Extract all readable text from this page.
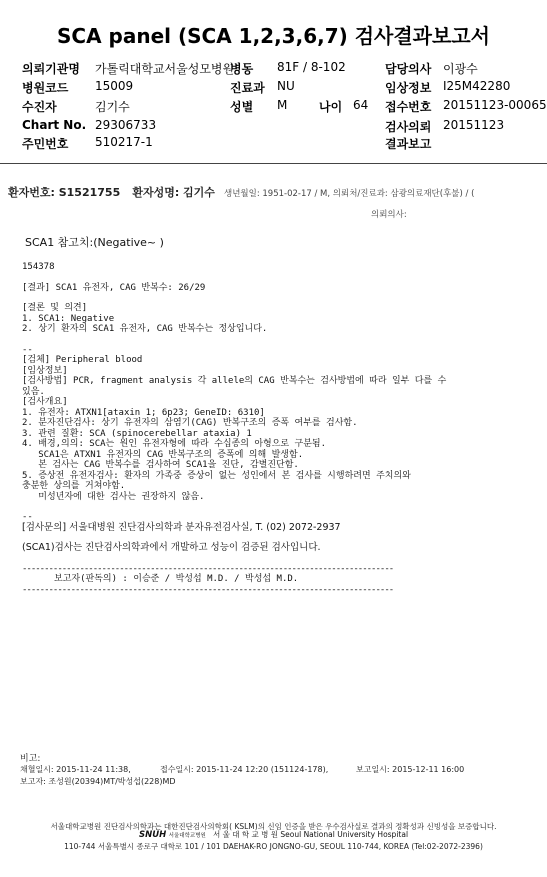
SCA panel (SCA 1,2,3,6,7) 검사결과보고서
의뢰기관명 가톨릭대학교서울성모병원
병동 81F / 8-102	담당의사 이광수
병원코드 15009	진료과 NU	임상정보 I25M42280
수진자	김기수	성별 M	나이 64 접수번호 20151123-00065
Chart No. 29306733	검사의뢰 20151123
주민번호 510217-1	결과보고
환자번호: S1521755 환자성명: 김기수 생년월일: 1951-02-17 / M, 의뢰처/진료과: 삼광의료재단(후불) / (
의뢰의사:
SCA1 참고치:(Negative~ )
154378
[결과] SCA1 유전자, CAG 반복수: 26/29
[결론 및 의견]
1. SCA1: Negative
2. 상기 환자의 SCA1 유전자, CAG 반복수는 정상입니다.
--
[검체] Peripheral blood
[임상정보]
[검사방법] PCR, fragment analysis 각 allele의 CAG 반복수는 검사방법에 따라 일부 다를 수
있음.
[검사개요]
1. 유전자: ATXN1[ataxin 1; 6p23; GeneID: 6310]
2. 분자진단검사: 상기 유전자의 삼염기(CAG) 반복구조의 증폭 여부를 검사함.
3. 관련 질환: SCA (spinocerebellar ataxia) 1
4. 배경,의의: SCA는 원인 유전자형에 따라 수십종의 아형으로 구분됨.
SCA1은 ATXN1 유전자의 CAG 반복구조의 증폭에 의해 발생함.
본 검사는 CAG 반복수를 검사하여 SCA1을 진단, 감별진단함.
5. 증상전 유전자검사: 환자의 가족중 증상이 없는 성인에서 본 검사를 시행하려면 주치의와
충분한 상의를 거쳐야함.
미성년자에 대한 검사는 권장하지 않음.
--
[검사문의] 서울대병원 진단검사의학과 분자유전검사실, T. (02) 2072-2937
(SCA1)검사는 진단검사의학과에서 개발하고 성능이 검증된 검사입니다.
------------------------------------------------------------------------------------
보고자(판독의) : 이승준 / 박성섭 M.D. / 박성섭 M.D.
------------------------------------------------------------------------------------
비고:
채혈일시: 2015-11-24 11:38,	접수일시: 2015-11-24 12:20 (151124-178),	보고일시: 2015-12-11 16:00
보고자: 조성원(20394)MT/박성섭(228)MD
서울대학교병원 진단검사의학과는 대한진단검사의학회( KSLM)의 신임 인증을 받은 우수검사실로 결과의 정확성과 신빙성을 보증합니다.
SNUH 서울대학교병원 서 울 대 학 교 병 원 Seoul National University Hospital
110-744 서울특별시 종로구 대학로 101 / 101 DAEHAK-RO JONGNO-GU, SEOUL 110-744, KOREA (Tel:02-2072-2396)
